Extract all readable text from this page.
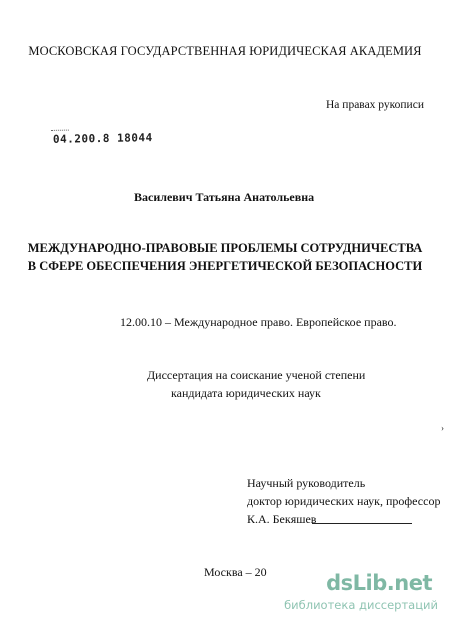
МОСКОВСКАЯ ГОСУДАРСТВЕННАЯ ЮРИДИЧЕСКАЯ АКАДЕМИЯ
На правах рукописи
04.200.8 18044
Василевич Татьяна Анатольевна
МЕЖДУНАРОДНО-ПРАВОВЫЕ ПРОБЛЕМЫ СОТРУДНИЧЕСТВА
В СФЕРЕ ОБЕСПЕЧЕНИЯ ЭНЕРГЕТИЧЕСКОЙ БЕЗОПАСНОСТИ
12.00.10 – Международное право. Европейское право.
Диссертация на соискание ученой степени
кандидата юридических наук
Научный руководитель
доктор юридических наук, профессор
К.А. Бекяшев
Москва – 20
›
dsLib.net
библиотека диссертаций
